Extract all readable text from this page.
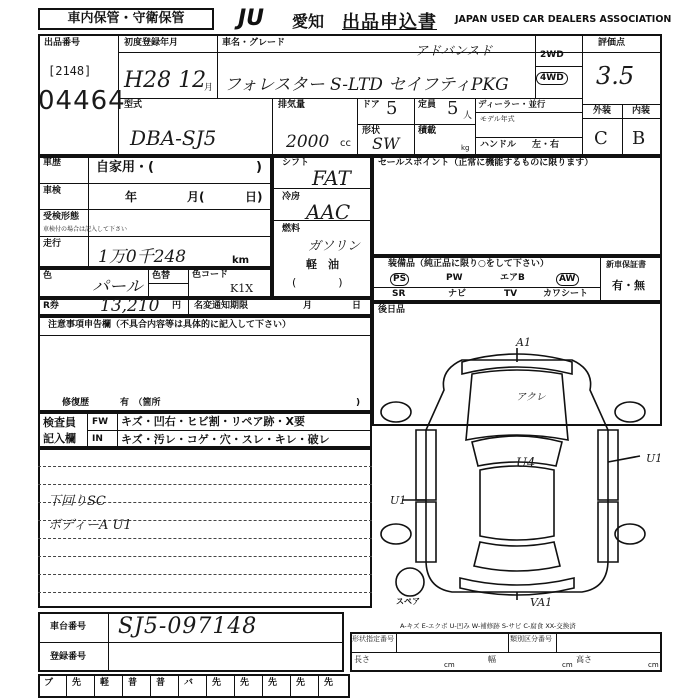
車内保管・守衛保管	JU 愛知 出品申込書 JAPAN USED CAR DEALERS ASSOCIATION
出品番号
[2148]
04464
初度登録年月
H28 12
月
車名・グレード
アドバンスド
フォレスター S-LTD セイフティPKG
2WD
4WD
評価点
3.5
外装 内装
C B
型式
DBA-SJ5
排気量
2000 cc
ドア 5 定員 5 人
形状
SW
積載
kg
ディーラー・並行
モデル年式
ハンドル 左・右
車歴	自家用・(	)
車検	年	月(	日)
受検形態
車検付の場合は記入して下さい
走行
1万0千248	km
色
パール
色替 色コード
K1X
シフト
FAT
冷房
AAC
燃料
ガソリン
軽　油
(            )
セールスポイント（正常に機能するものに限ります）
装備品（純正品に限り○をして下さい）
PS	PW	エアB	AW
SR	ナビ	TV	カワシート
新車保証書
有・無
R券 13,210 円 名変通知期限	月	日 後日品
注意事項申告欄（不具合内容等は具体的に記入して下さい）
修復歴	有　（箇所	)
検査員
記入欄
FW キズ・凹右・ヒビ割・リペア跡・X要
IN キズ・汚レ・コゲ・穴・スレ・キレ・破レ
下回りSC
ボディーA U1
A1
アクレ
U4	U1
U1
VA1
スペア
A-キズ E-エクボ U-凹み W-補修跡 S-サビ C-腐食 XX-交換済
車台番号 SJ5-097148
登録番号
形状指定番号	類別区分番号
長さ
cm
幅
cm
高さ
cm
ブ 先 軽 普 普 バ 先 先 先 先 先
